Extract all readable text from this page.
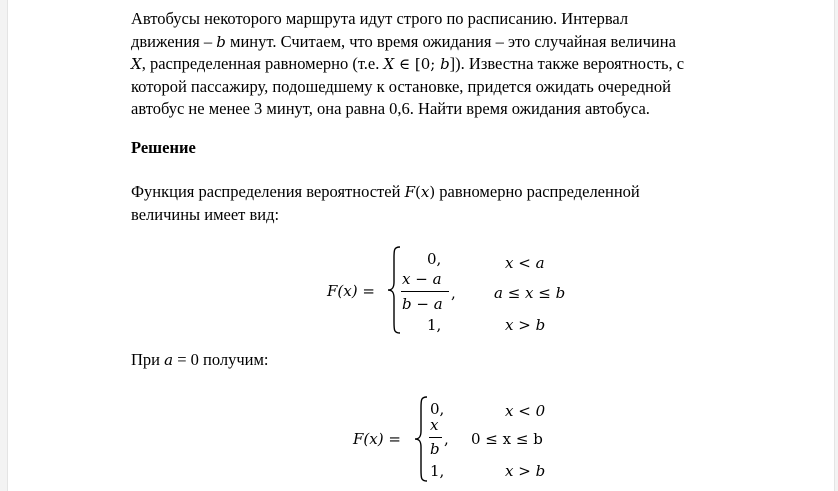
Автобусы некоторого маршрута идут строго по расписанию. Интервал

движения – b минут. Считаем, что время ожидания – это случайная величина

X, распределенная равномерно (т.е. X ∈ [0; b]). Известна также вероятность, с

которой пассажиру, подошедшему к остановке, придется ожидать очередной

автобус не менее 3 минут, она равна 0,6. Найти время ожидания автобуса.

Решение

Функция распределения вероятностей F(x) равномерно распределенной

величины имеет вид:

F(x) =
0,	x < a
x − a
b − a
,	a ≤ x ≤ b
1,	x > b

При a = 0 получим:

F(x) =
0,	x < 0
x
b
, 0 ≤ x ≤ b
1,	x > b
